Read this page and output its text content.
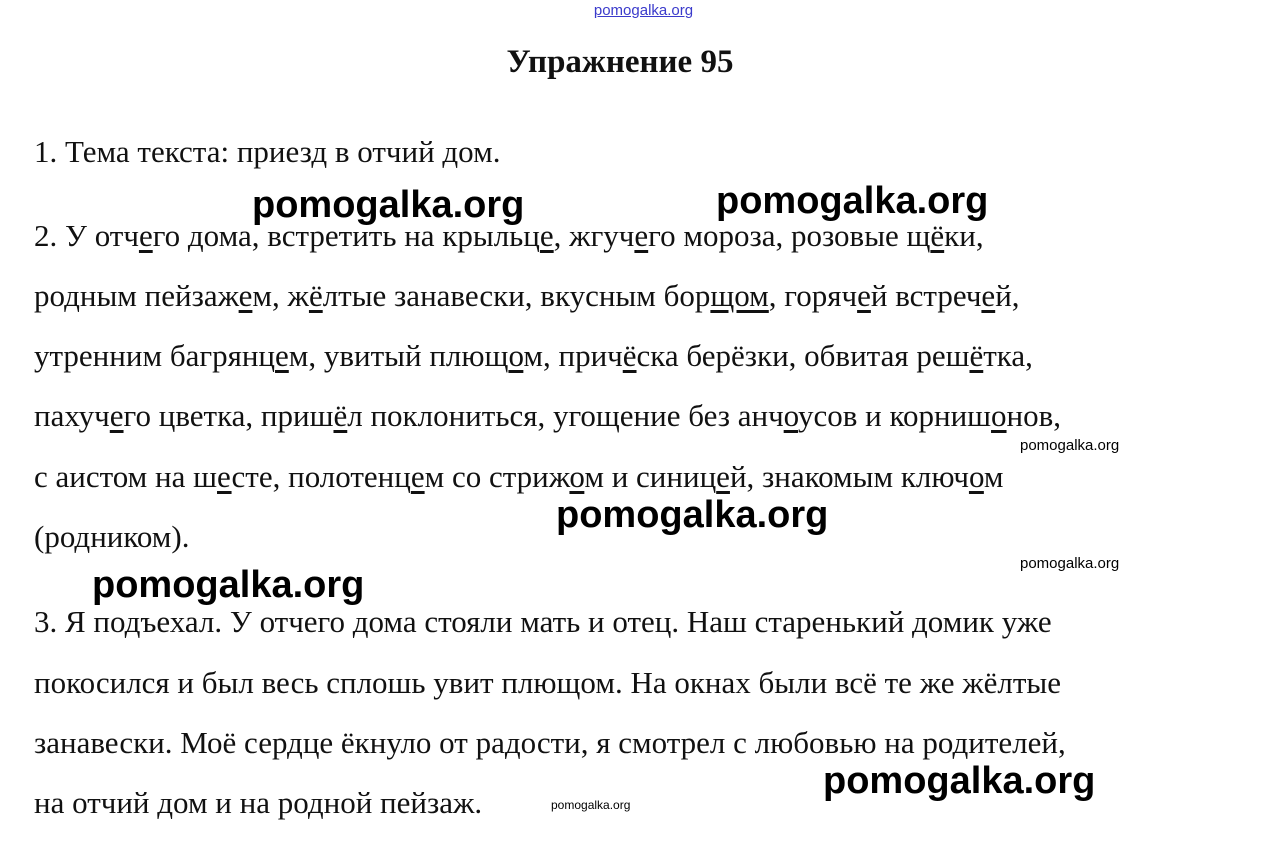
pomogalka.org
Упражнение 95
1. Тема текста: приезд в отчий дом.
2. У отчего дома, встретить на крыльце, жгучего мороза, розовые щёки,
родным пейзажем, жёлтые занавески, вкусным борщом, горячей встречей,
утренним багрянцем, увитый плющом, причёска берёзки, обвитая решётка,
пахучего цветка, пришёл поклониться, угощение без анчоусов и корнишонов,
с аистом на шесте, полотенцем со стрижом и синицей, знакомым ключом
(родником).
3. Я подъехал. У отчего дома стояли мать и отец. Наш старенький домик уже
покосился и был весь сплошь увит плющом. На окнах были всё те же жёлтые
занавески. Моё сердце ёкнуло от радости, я смотрел с любовью на родителей,
на отчий дом и на родной пейзаж.
pomogalka.org	pomogalka.org
pomogalka.org
pomogalka.org
pomogalka.org
pomogalka.org
pomogalka.org
pomogalka.org
